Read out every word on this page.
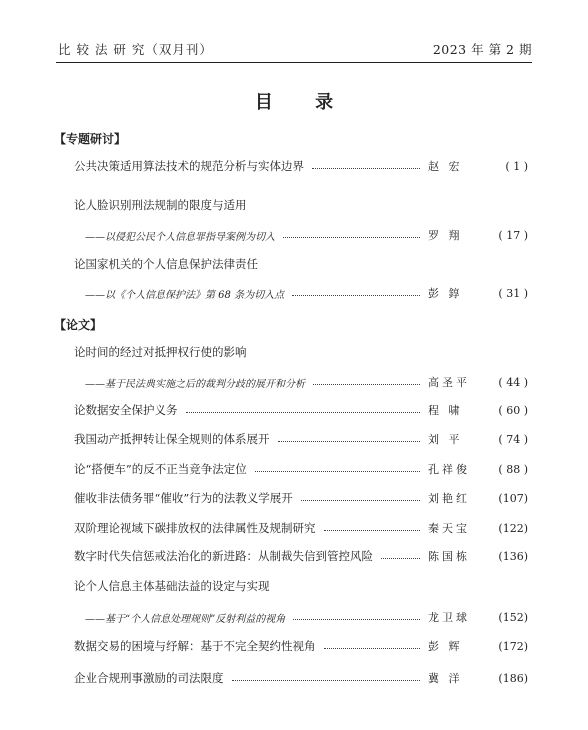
比 较 法 研 究（双月刊）	2023 年 第 2 期
目 录
【专题研讨】
公共决策适用算法技术的规范分析与实体边界	赵 宏	( 1 )
论人脸识别刑法规制的限度与适用
——以侵犯公民个人信息罪指导案例为切入	罗 翔	( 17 )
论国家机关的个人信息保护法律责任
——以《个人信息保护法》第 68 条为切入点	彭 錞	( 31 )
【论文】
论时间的经过对抵押权行使的影响
——基于民法典实施之后的裁判分歧的展开和分析	高圣平	( 44 )
论数据安全保护义务	程 啸	( 60 )
我国动产抵押转让保全规则的体系展开	刘 平	( 74 )
论“搭便车”的反不正当竞争法定位	孔祥俊	( 88 )
催收非法债务罪“催收”行为的法教义学展开	刘艳红	(107)
双阶理论视域下碳排放权的法律属性及规制研究	秦天宝	(122)
数字时代失信惩戒法治化的新进路：从制裁失信到管控风险	陈国栋	(136)
论个人信息主体基础法益的设定与实现
——基于“个人信息处理规则”反射利益的视角	龙卫球	(152)
数据交易的困境与纾解：基于不完全契约性视角	彭 辉	(172)
企业合规刑事激励的司法限度	冀 洋	(186)
